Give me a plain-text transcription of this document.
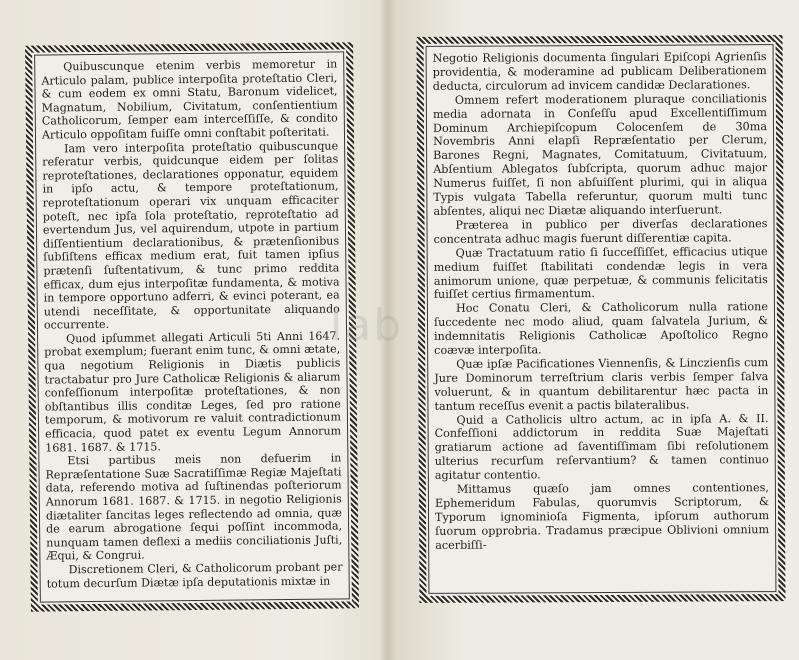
Quibuscunque etenim verbis memoretur in Articulo palam, publice interpoſita proteſtatio Cleri, & cum eodem ex omni Statu, Baronum videlicet, Magnatum, Nobilium, Civitatum, conſentientium Catholicorum, ſemper eam interceſſiſſe, & condito Articulo oppoſitam fuiſſe omni conſtabit poſteritati.

Iam vero interpoſita proteſtatio quibuscunque referatur verbis, quidcunque eidem per ſolitas reproteſtationes, declarationes opponatur, equidem in ipſo actu, & tempore proteſtationum, reproteſtationum operari vix unquam efficaciter poteſt, nec ipſa ſola proteſtatio, reproteſtatio ad evertendum Jus, vel aquirendum, utpote in partium diſſentientium declarationibus, & prætenſionibus ſubſiſtens efficax medium erat, fuit tamen ipſius prætenſi ſuſtentativum, & tunc primo reddita efficax, dum ejus interpoſitæ fundamenta, & motiva in tempore opportuno adferri, & evinci poterant, ea utendi neceſſitate, & opportunitate aliquando occurrente.

Quod ipſummet allegati Articuli 5ti Anni 1647. probat exemplum; fuerant enim tunc, & omni ætate, qua negotium Religionis in Diætis publicis tractabatur pro Jure Catholicæ Religionis & aliarum confeſſionum interpoſitæ proteſtationes, & non obſtantibus illis conditæ Leges, ſed pro ratione temporum, & motivorum re valuit contradictionum efficacia, quod patet ex eventu Legum Annorum 1681. 1687. & 1715.

Etsi partibus meis non defuerim in Repræſentatione Suæ Sacratiſſimæ Regiæ Majeſtati data, referendo motiva ad ſuſtinendas poſteriorum Annorum 1681. 1687. & 1715. in negotio Religionis diætaliter ſancitas leges reflectendo ad omnia, quæ de earum abrogatione ſequi poſſint incommoda, nunquam tamen deflexi a mediis conciliationis Juſti, Æqui, & Congrui.

Discretionem Cleri, & Catholicorum probant per totum decurſum Diætæ ipſa deputationis mixtæ in

Negotio Religionis documenta ſingulari Epiſcopi Agrienſis providentia, & moderamine ad publicam Deliberationem deducta, circulorum ad invicem candidæ Declarationes.

Omnem refert moderationem pluraque conciliationis media adornata in Conſeſſu apud Excellentiſſimum Dominum Archiepiſcopum Colocenſem de 30ma Novembris Anni elapſi Repræſentatio per Clerum, Barones Regni, Magnates, Comitatuum, Civitatuum, Abſentium Ablegatos ſubſcripta, quorum adhuc major Numerus fuiſſet, ſi non abſuiſſent plurimi, qui in aliqua Typis vulgata Tabella referuntur, quorum multi tunc abſentes, aliqui nec Diætæ aliquando interſuerunt.

Præterea in publico per diverſas declarationes concentrata adhuc magis fuerunt diſſerentiæ capita.

Quæ Tractatuum ratio ſi ſucceſſiſſet, efficacius utique medium fuiſſet ſtabilitati condendæ legis in vera animorum unione, quæ perpetuæ, & communis felicitatis fuiſſet certius firmamentum.

Hoc Conatu Cleri, & Catholicorum nulla ratione ſuccedente nec modo aliud, quam ſalvatela Jurium, & indemnitatis Religionis Catholicæ Apoſtolico Regno coævæ interpoſita.

Quæ ipſæ Pacificationes Viennenſis, & Linczienſis cum Jure Dominorum terreſtrium claris verbis ſemper ſalva voluerunt, & in quantum debilitarentur hæc pacta in tantum receſſus evenit a pactis bilateralibus.

Quid a Catholicis ultro actum, ac in ipſa A. & II. Confeſſioni addictorum in reddita Suæ Majeſtati gratiarum actione ad ſaventiſſimam ſibi reſolutionem ulterius recurſum reſervantium? & tamen continuo agitatur contentio.

Mittamus quæſo jam omnes contentiones, Ephemeridum Fabulas, quorumvis Scriptorum, & Typorum ignominioſa Figmenta, ipſorum authorum ſuorum opprobria. Tradamus præcipue Oblivioni omnium acerbiſſi-

lab
